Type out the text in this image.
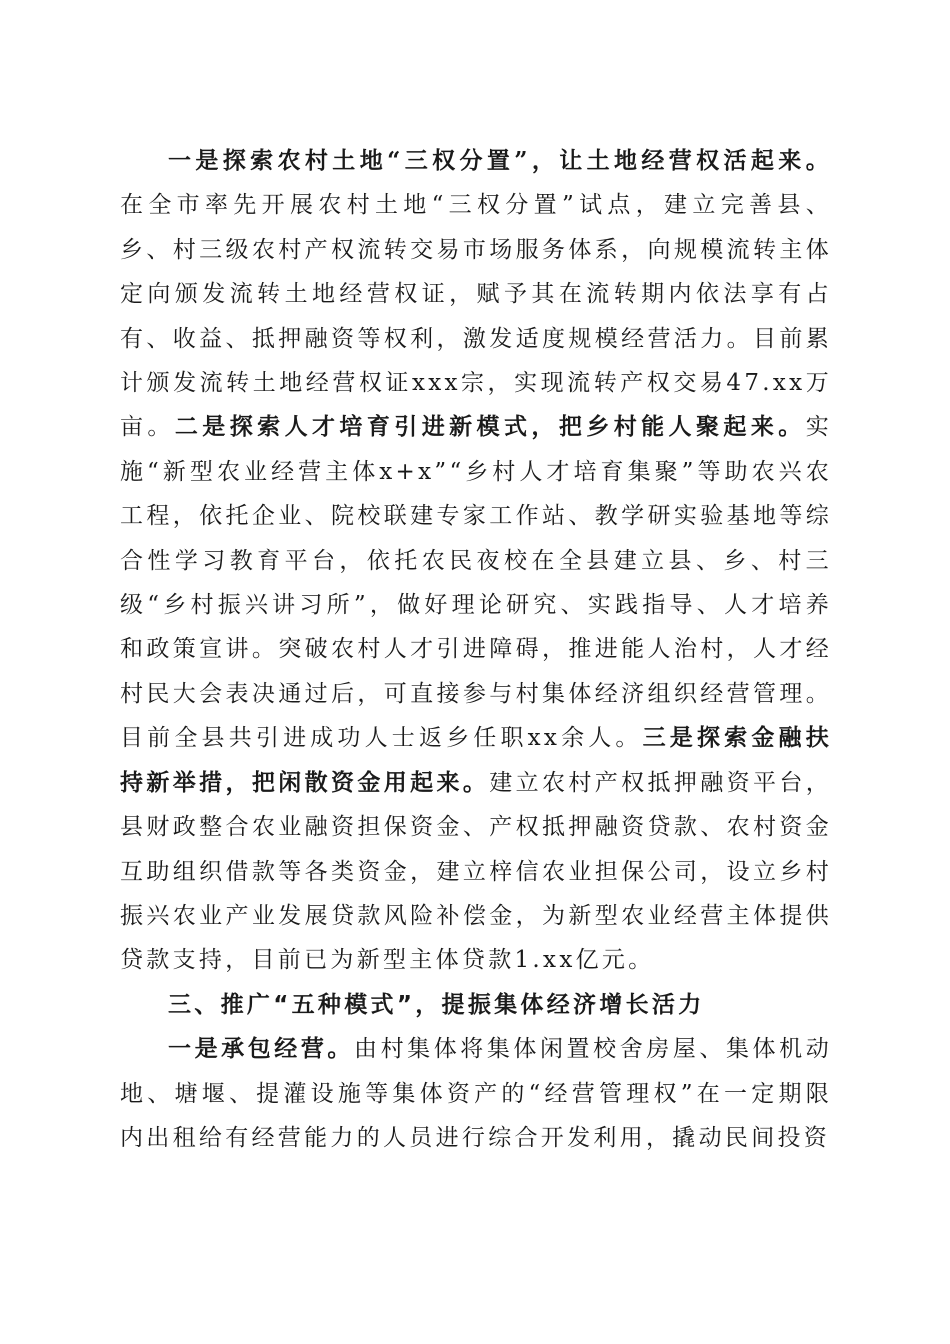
一是探索农村土地“三权分置”，让土地经营权活起来。在全市率先开展农村土地“三权分置”试点，建立完善县、乡、村三级农村产权流转交易市场服务体系，向规模流转主体定向颁发流转土地经营权证，赋予其在流转期内依法享有占有、收益、抵押融资等权利，激发适度规模经营活力。目前累计颁发流转土地经营权证xxx宗，实现流转产权交易47.xx万亩。二是探索人才培育引进新模式，把乡村能人聚起来。实施“新型农业经营主体x+x”“乡村人才培育集聚”等助农兴农工程，依托企业、院校联建专家工作站、教学研实验基地等综合性学习教育平台，依托农民夜校在全县建立县、乡、村三级“乡村振兴讲习所”，做好理论研究、实践指导、人才培养和政策宣讲。突破农村人才引进障碍，推进能人治村，人才经村民大会表决通过后，可直接参与村集体经济组织经营管理。目前全县共引进成功人士返乡任职xx余人。三是探索金融扶持新举措，把闲散资金用起来。建立农村产权抵押融资平台，县财政整合农业融资担保资金、产权抵押融资贷款、农村资金互助组织借款等各类资金，建立梓信农业担保公司，设立乡村振兴农业产业发展贷款风险补偿金，为新型农业经营主体提供贷款支持，目前已为新型主体贷款1.xx亿元。

三、推广“五种模式”，提振集体经济增长活力

一是承包经营。由村集体将集体闲置校舍房屋、集体机动地、塘堰、提灌设施等集体资产的“经营管理权”在一定期限内出租给有经营能力的人员进行综合开发利用，撬动民间投资
